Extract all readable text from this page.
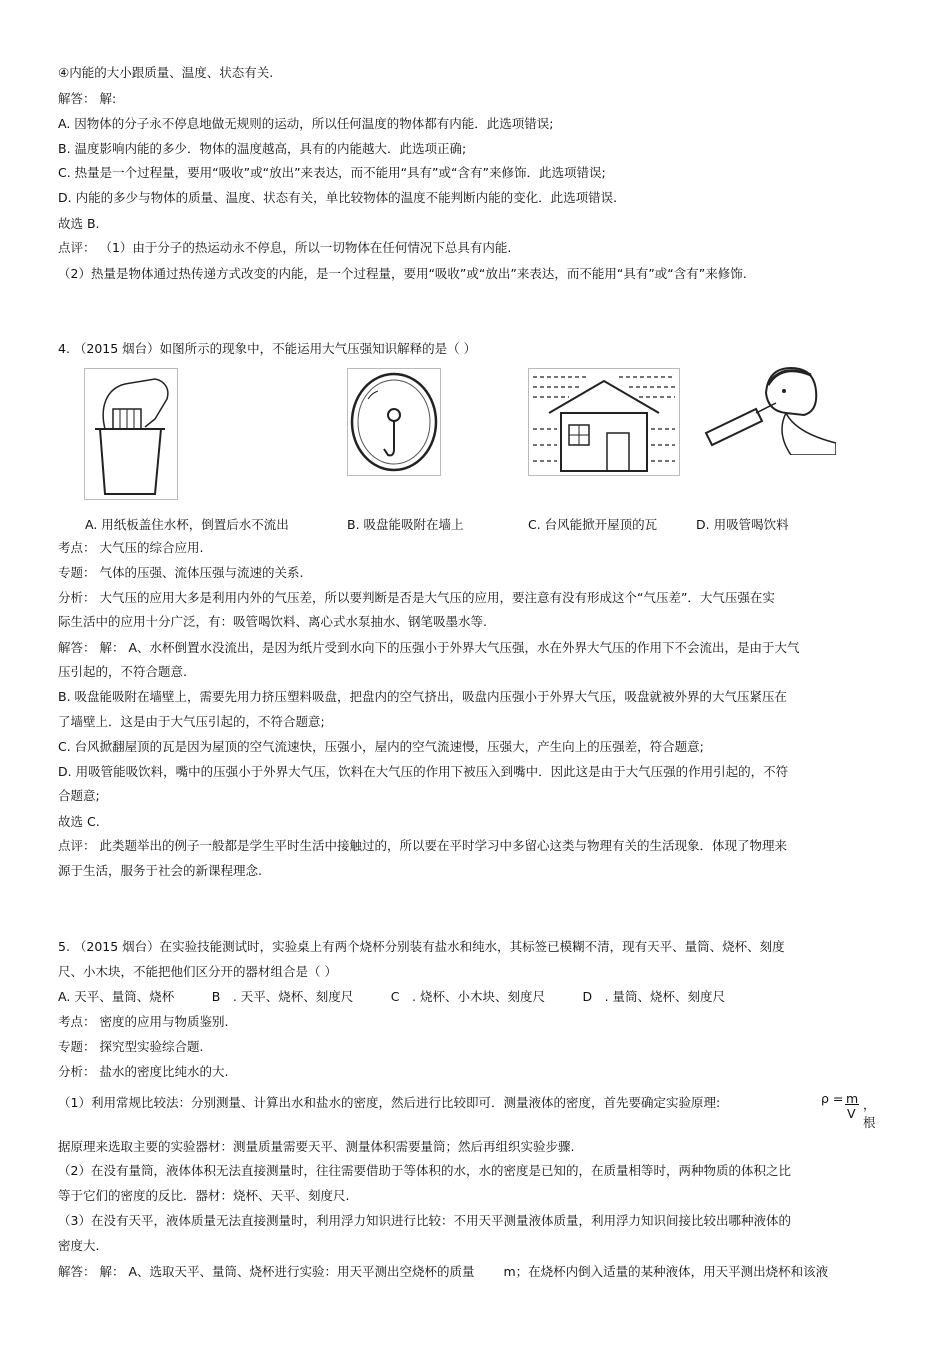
④内能的大小跟质量、温度、状态有关.
解答： 解:
A. 因物体的分子永不停息地做无规则的运动，所以任何温度的物体都有内能．此选项错误;
B. 温度影响内能的多少．物体的温度越高，具有的内能越大．此选项正确;
C. 热量是一个过程量，要用“吸收”或“放出”来表达，而不能用“具有”或“含有”来修饰．此选项错误;
D. 内能的多少与物体的质量、温度、状态有关，单比较物体的温度不能判断内能的变化．此选项错误.
故选 B.
点评： （1）由于分子的热运动永不停息，所以一切物体在任何情况下总具有内能.
（2）热量是物体通过热传递方式改变的内能，是一个过程量，要用“吸收”或“放出”来表达，而不能用“具有”或“含有”来修饰.
4. （2015 烟台）如图所示的现象中，不能运用大气压强知识解释的是（ ）
考点： 大气压的综合应用.
专题： 气体的压强、流体压强与流速的关系.
分析： 大气压的应用大多是利用内外的气压差，所以要判断是否是大气压的应用，要注意有没有形成这个“气压差”．大气压强在实
际生活中的应用十分广泛，有：吸管喝饮料、离心式水泵抽水、钢笔吸墨水等.
解答： 解： A、水杯倒置水没流出，是因为纸片受到水向下的压强小于外界大气压强，水在外界大气压的作用下不会流出，是由于大气
压引起的，不符合题意.
B. 吸盘能吸附在墙壁上，需要先用力挤压塑料吸盘，把盘内的空气挤出，吸盘内压强小于外界大气压，吸盘就被外界的大气压紧压在
了墙壁上．这是由于大气压引起的，不符合题意;
C. 台风掀翻屋顶的瓦是因为屋顶的空气流速快，压强小，屋内的空气流速慢，压强大，产生向上的压强差，符合题意;
D. 用吸管能吸饮料，嘴中的压强小于外界大气压，饮料在大气压的作用下被压入到嘴中．因此这是由于大气压强的作用引起的，不符
合题意;
故选 C.
点评： 此类题举出的例子一般都是学生平时生活中接触过的，所以要在平时学习中多留心这类与物理有关的生活现象．体现了物理来
源于生活，服务于社会的新课程理念.
5. （2015 烟台）在实验技能测试时，实验桌上有两个烧杯分别装有盐水和纯水，其标签已模糊不清，现有天平、量筒、烧杯、刻度
尺、小木块，不能把他们区分开的器材组合是（ ）
A. 天平、量筒、烧杯　　　B　. 天平、烧杯、刻度尺　　　C　. 烧杯、小木块、刻度尺　　　D　. 量筒、烧杯、刻度尺
考点： 密度的应用与物质鉴别.
专题： 探究型实验综合题.
分析： 盐水的密度比纯水的大.
（1）利用常规比较法：分别测量、计算出水和盐水的密度，然后进行比较即可．测量液体的密度，首先要确定实验原理:
据原理来选取主要的实验器材：测量质量需要天平、测量体积需要量筒；然后再组织实验步骤.
（2）在没有量筒，液体体积无法直接测量时，往往需要借助于等体积的水，水的密度是已知的，在质量相等时，两种物质的体积之比
等于它们的密度的反比．器材：烧杯、天平、刻度尺.
（3）在没有天平，液体质量无法直接测量时，利用浮力知识进行比较：不用天平测量液体质量，利用浮力知识间接比较出哪种液体的
密度大.
解答： 解： A、选取天平、量筒、烧杯进行实验：用天平测出空烧杯的质量　　 m；在烧杯内倒入适量的某种液体，用天平测出烧杯和该液
A. 用纸板盖住水杯，倒置后水不流出	B. 吸盘能吸附在墙上	C. 台风能掀开屋顶的瓦	D. 用吸管喝饮料
ρ = m
V
，根
